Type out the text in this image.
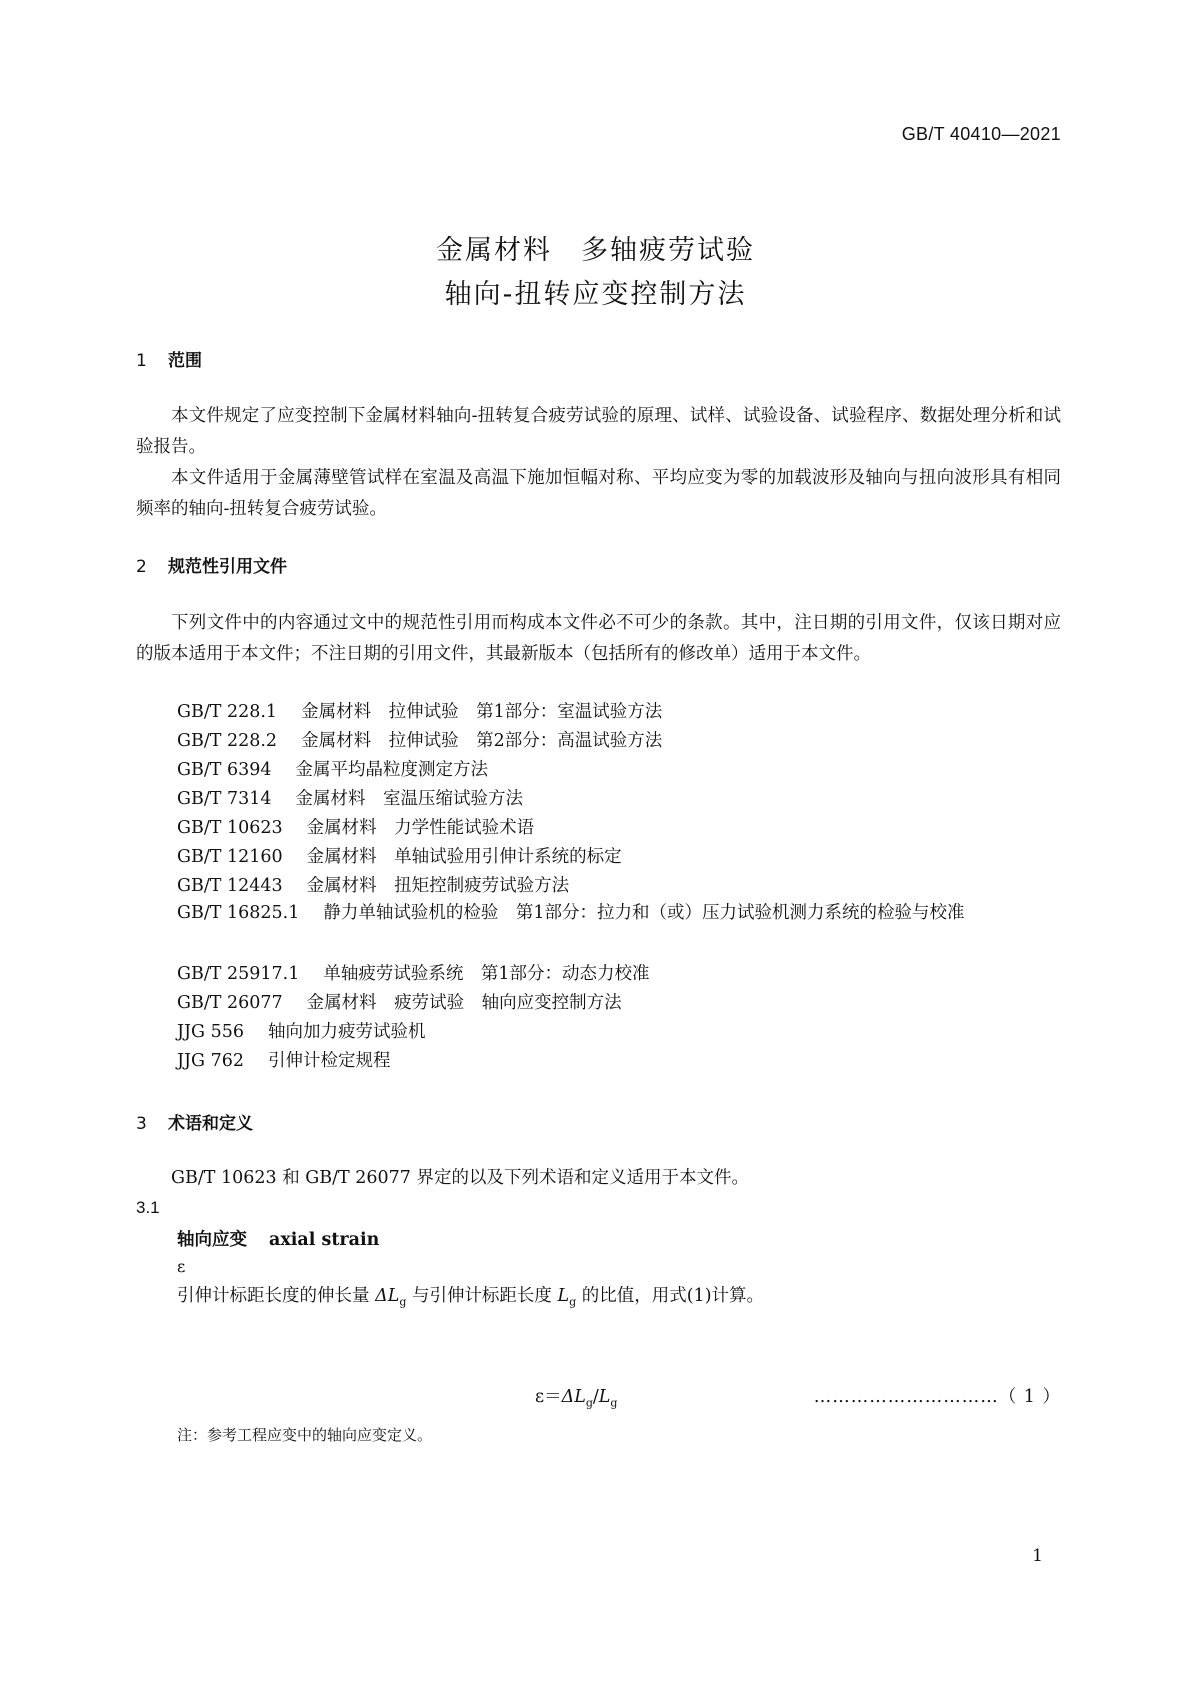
GB/T 40410—2021
金属材料　多轴疲劳试验
轴向-扭转应变控制方法
1 范围

本文件规定了应变控制下金属材料轴向-扭转复合疲劳试验的原理、试样、试验设备、试验程序、数据处理分析和试验报告。

本文件适用于金属薄壁管试样在室温及高温下施加恒幅对称、平均应变为零的加载波形及轴向与扭向波形具有相同频率的轴向-扭转复合疲劳试验。

2 规范性引用文件

下列文件中的内容通过文中的规范性引用而构成本文件必不可少的条款。其中，注日期的引用文件，仅该日期对应的版本适用于本文件；不注日期的引用文件，其最新版本（包括所有的修改单）适用于本文件。

GB/T 228.1 金属材料　拉伸试验　第1部分：室温试验方法
GB/T 228.2 金属材料　拉伸试验　第2部分：高温试验方法
GB/T 6394 金属平均晶粒度测定方法
GB/T 7314 金属材料　室温压缩试验方法
GB/T 10623 金属材料　力学性能试验术语
GB/T 12160 金属材料　单轴试验用引伸计系统的标定
GB/T 12443 金属材料　扭矩控制疲劳试验方法

GB/T 16825.1 静力单轴试验机的检验　第1部分：拉力和（或）压力试验机测力系统的检验与校准

GB/T 25917.1 单轴疲劳试验系统　第1部分：动态力校准
GB/T 26077 金属材料　疲劳试验　轴向应变控制方法
JJG 556 轴向加力疲劳试验机
JJG 762 引伸计检定规程
3 术语和定义

GB/T 10623 和 GB/T 26077 界定的以及下列术语和定义适用于本文件。

3.1
轴向应变 axial strain
ε
引伸计标距长度的伸长量 $\Delta L_g$ 与引伸计标距长度 $L_g$ 的比值，用式(1)计算。
$\varepsilon=\Delta L_g/L_g$	…………………………（ 1 ）
注：参考工程应变中的轴向应变定义。
1
